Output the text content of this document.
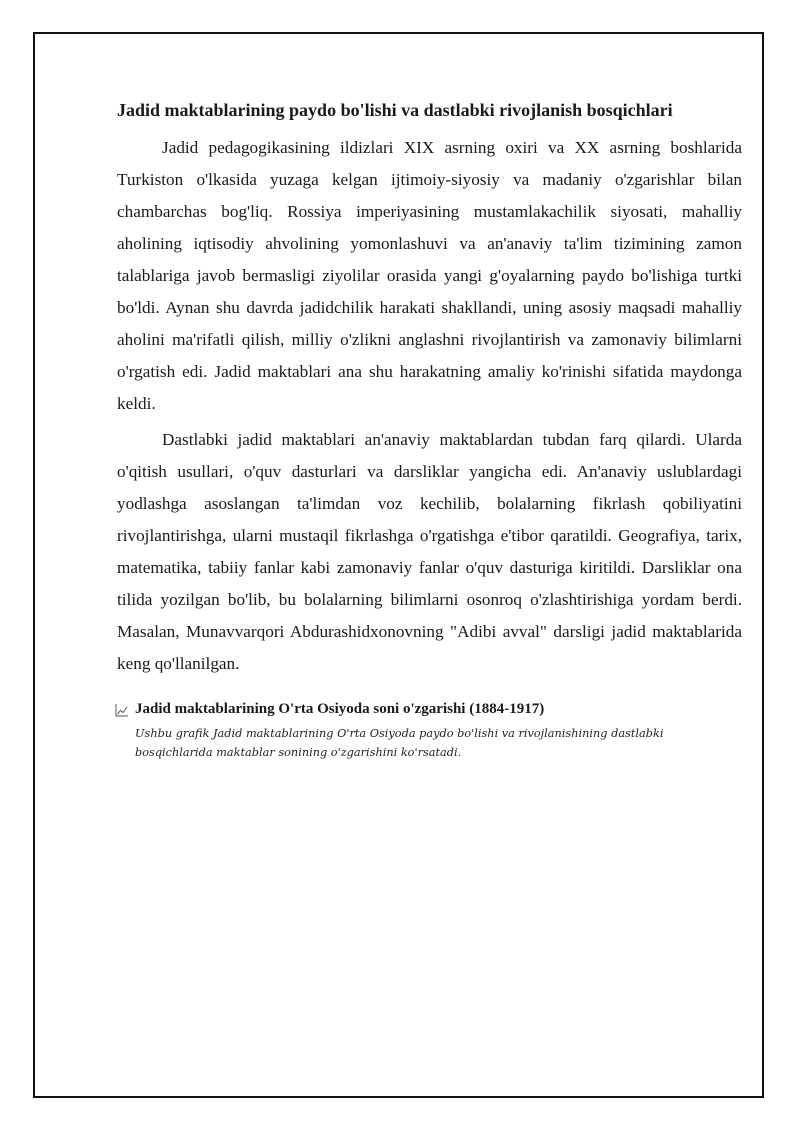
Jadid maktablarining paydo bo'lishi va dastlabki rivojlanish bosqichlari

Jadid pedagogikasining ildizlari XIX asrning oxiri va XX asrning boshlarida Turkiston o'lkasida yuzaga kelgan ijtimoiy-siyosiy va madaniy o'zgarishlar bilan chambarchas bog'liq. Rossiya imperiyasining mustamlakachilik siyosati, mahalliy aholining iqtisodiy ahvolining yomonlashuvi va an'anaviy ta'lim tizimining zamon talablariga javob bermasligi ziyolilar orasida yangi g'oyalarning paydo bo'lishiga turtki bo'ldi. Aynan shu davrda jadidchilik harakati shakllandi, uning asosiy maqsadi mahalliy aholini ma'rifatli qilish, milliy o'zlikni anglashni rivojlantirish va zamonaviy bilimlarni o'rgatish edi. Jadid maktablari ana shu harakatning amaliy ko'rinishi sifatida maydonga keldi.

Dastlabki jadid maktablari an'anaviy maktablardan tubdan farq qilardi. Ularda o'qitish usullari, o'quv dasturlari va darsliklar yangicha edi. An'anaviy uslublardagi yodlashga asoslangan ta'limdan voz kechilib, bolalarning fikrlash qobiliyatini rivojlantirishga, ularni mustaqil fikrlashga o'rgatishga e'tibor qaratildi. Geografiya, tarix, matematika, tabiiy fanlar kabi zamonaviy fanlar o'quv dasturiga kiritildi. Darsliklar ona tilida yozilgan bo'lib, bu bolalarning bilimlarni osonroq o'zlashtirishiga yordam berdi. Masalan, Munavvarqori Abdurashidxonovning "Adibi avval" darsligi jadid maktablarida keng qo'llanilgan.

Jadid maktablarining O'rta Osiyoda soni o'zgarishi (1884-1917)
Ushbu grafik Jadid maktablarining O'rta Osiyoda paydo bo'lishi va rivojlanishining dastlabki bosqichlarida maktablar sonining o'zgarishini ko'rsatadi.
